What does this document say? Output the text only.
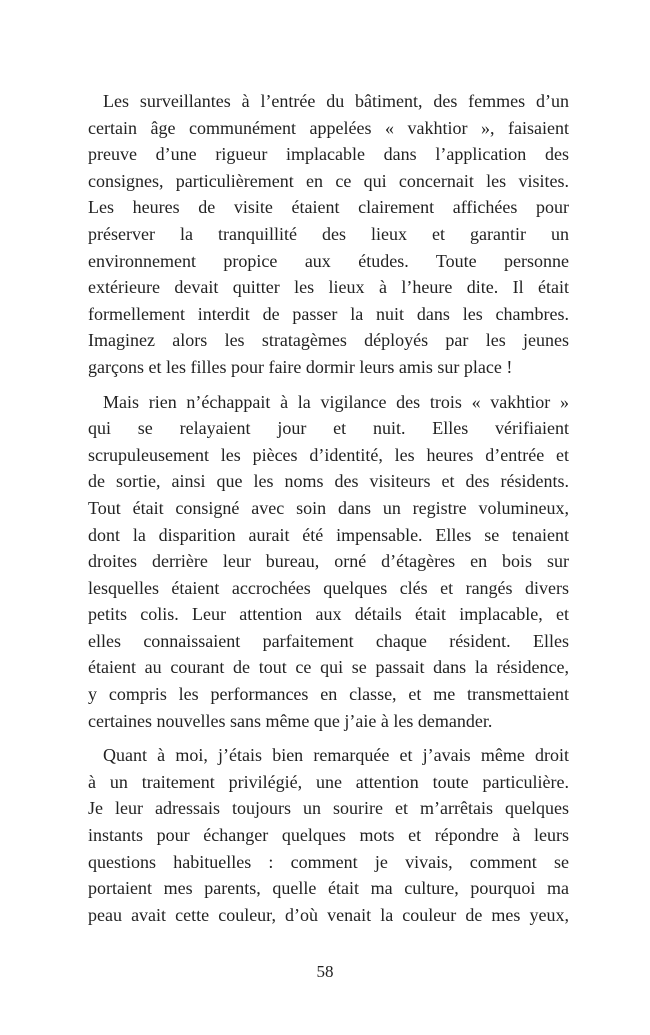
Les surveillantes à l’entrée du bâtiment, des femmes d’un
certain âge communément appelées « vakhtior », faisaient
preuve d’une rigueur implacable dans l’application des
consignes, particulièrement en ce qui concernait les visites.
Les heures de visite étaient clairement affichées pour
préserver la tranquillité des lieux et garantir un
environnement propice aux études. Toute personne
extérieure devait quitter les lieux à l’heure dite. Il était
formellement interdit de passer la nuit dans les chambres.
Imaginez alors les stratagèmes déployés par les jeunes
garçons et les filles pour faire dormir leurs amis sur place !

Mais rien n’échappait à la vigilance des trois « vakhtior »
qui se relayaient jour et nuit. Elles vérifiaient
scrupuleusement les pièces d’identité, les heures d’entrée et
de sortie, ainsi que les noms des visiteurs et des résidents.
Tout était consigné avec soin dans un registre volumineux,
dont la disparition aurait été impensable. Elles se tenaient
droites derrière leur bureau, orné d’étagères en bois sur
lesquelles étaient accrochées quelques clés et rangés divers
petits colis. Leur attention aux détails était implacable, et
elles connaissaient parfaitement chaque résident. Elles
étaient au courant de tout ce qui se passait dans la résidence,
y compris les performances en classe, et me transmettaient
certaines nouvelles sans même que j’aie à les demander.

Quant à moi, j’étais bien remarquée et j’avais même droit
à un traitement privilégié, une attention toute particulière.
Je leur adressais toujours un sourire et m’arrêtais quelques
instants pour échanger quelques mots et répondre à leurs
questions habituelles : comment je vivais, comment se
portaient mes parents, quelle était ma culture, pourquoi ma
peau avait cette couleur, d’où venait la couleur de mes yeux,

58
